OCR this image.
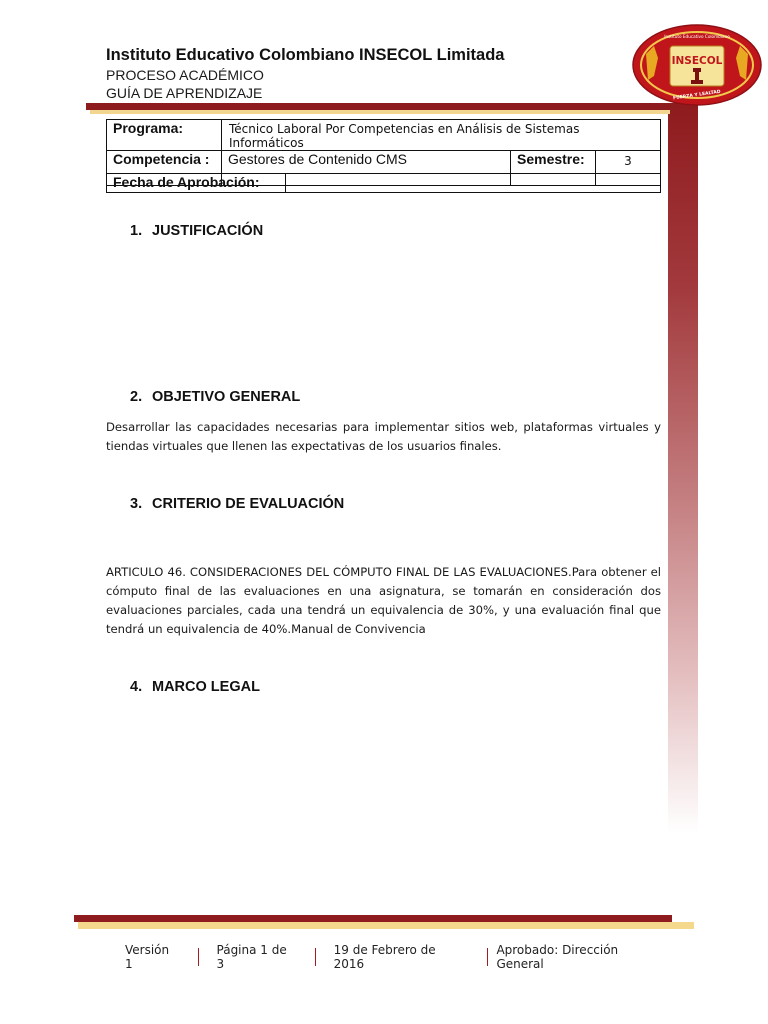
Instituto Educativo Colombiano INSECOL Limitada
PROCESO ACADÉMICO
GUÍA DE APRENDIZAJE
Instituto Educativo Colombiano
INSECOL
FUERZA Y LEALTAD
Programa:	Técnico Laboral Por Competencias en Análisis de Sistemas Informáticos		
Competencia :	Gestores de Contenido CMS	Semestre:	3
Fecha de Aprobación:	
1. JUSTIFICACIÓN
2. OBJETIVO GENERAL
Desarrollar las capacidades necesarias para implementar sitios web, plataformas virtuales y tiendas virtuales que llenen las expectativas de los usuarios finales.
3. CRITERIO DE EVALUACIÓN
ARTICULO 46. CONSIDERACIONES DEL CÓMPUTO FINAL DE LAS EVALUACIONES.Para obtener el cómputo final de las evaluaciones en una asignatura, se tomarán en consideración dos evaluaciones parciales, cada una tendrá un equivalencia de 30%, y una evaluación final que tendrá un equivalencia de 40%.Manual de Convivencia
4. MARCO LEGAL
Versión 1
Página 1 de 3
19 de Febrero de 2016
Aprobado: Dirección General
